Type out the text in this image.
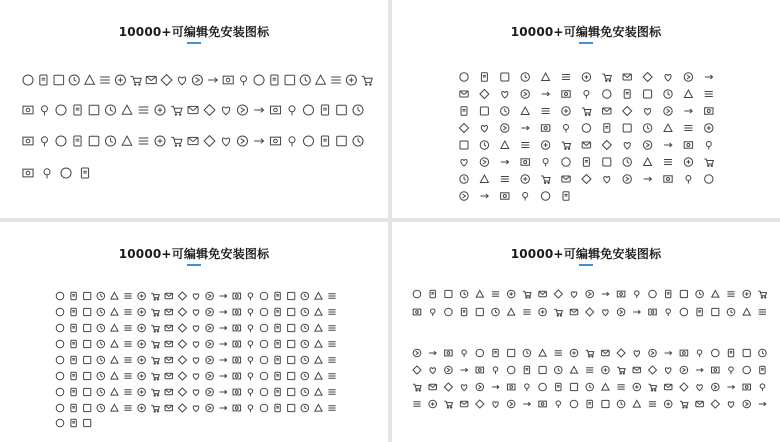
10000+可编辑免安装图标	10000+可编辑免安装图标
10000+可编辑免安装图标	10000+可编辑免安装图标
